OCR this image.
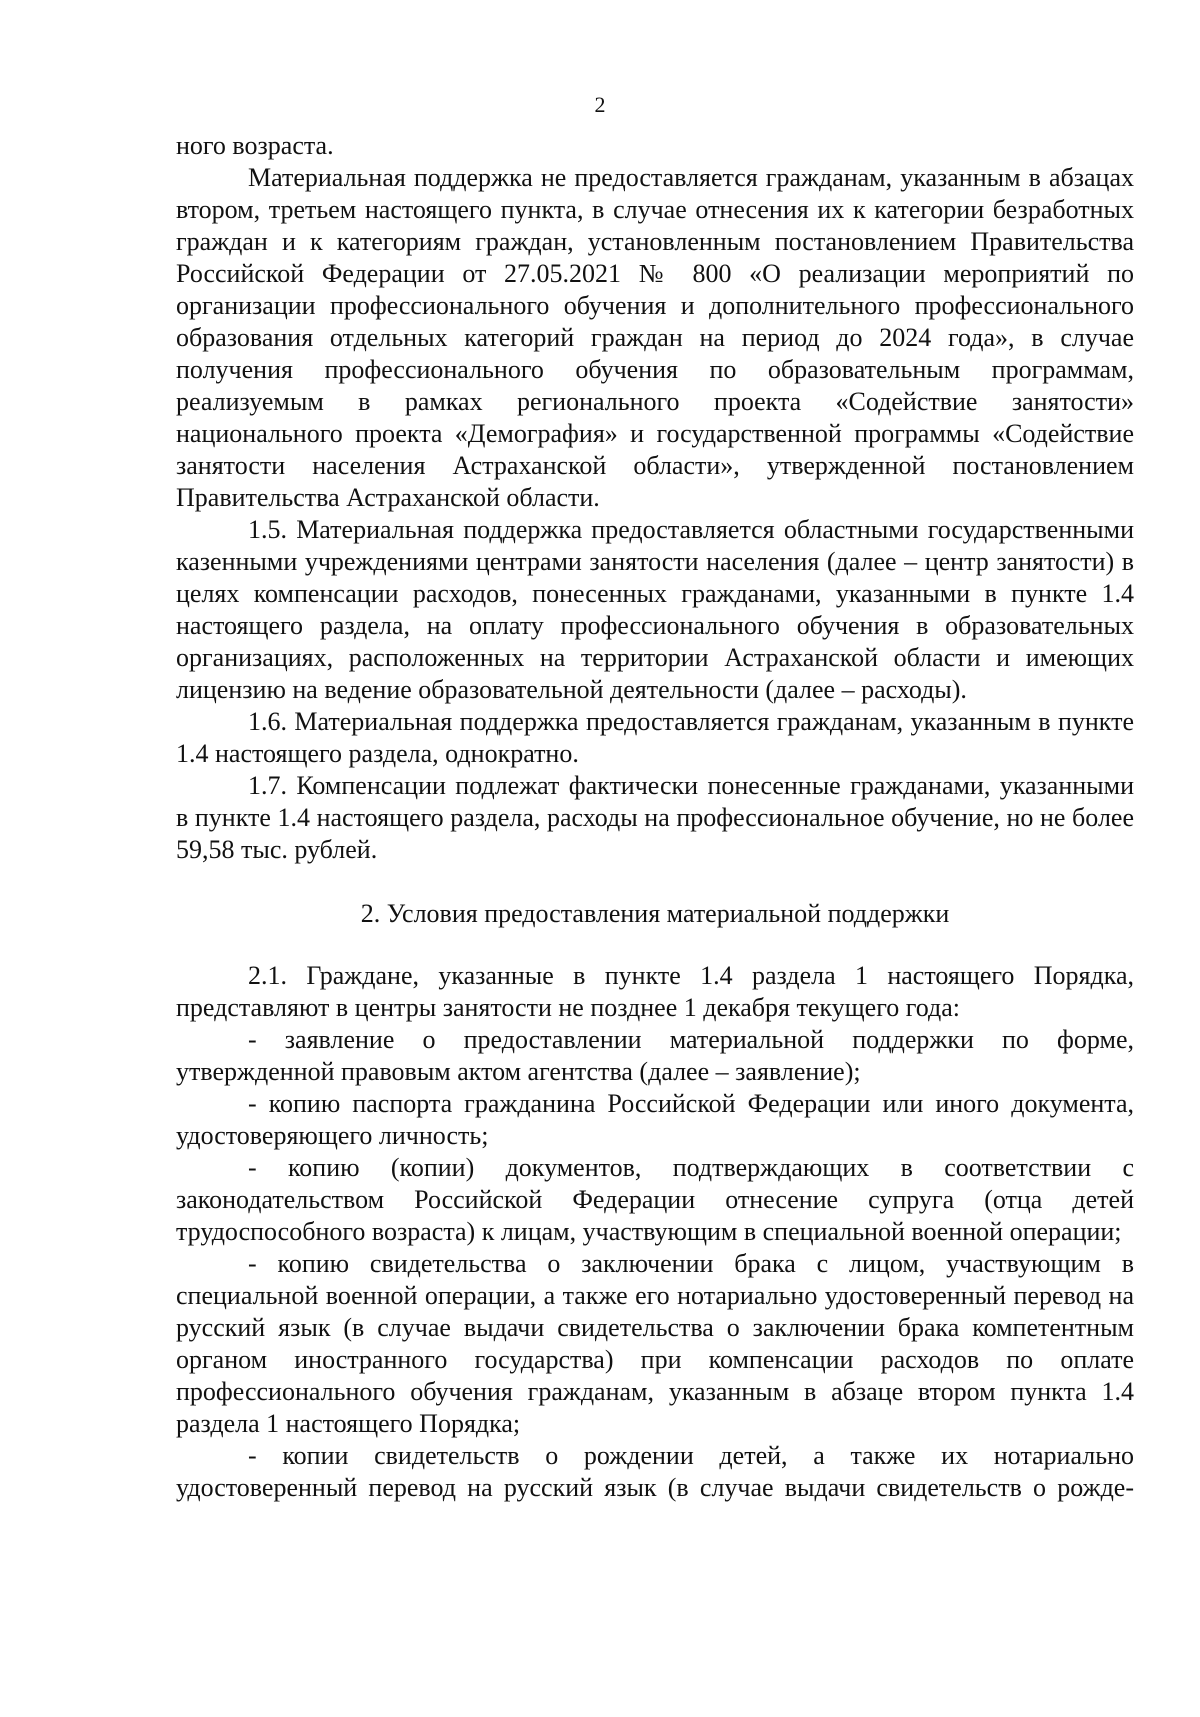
2

ного возраста.

Материальная поддержка не предоставляется гражданам, указанным в абзацах втором, третьем настоящего пункта, в случае отнесения их к категории безработных граждан и к категориям граждан, установленным постановлением Правительства Российской Федерации от 27.05.2021 № 800 «О реализации мероприятий по организации профессионального обучения и дополнительного профессионального образования отдельных категорий граждан на период до 2024 года», в случае получения профессионального обучения по образовательным программам, реализуемым в рамках регионального проекта «Содействие занятости» национального проекта «Демография» и государственной программы «Содействие занятости населения Астраханской области», утвержденной постановлением Правительства Астраханской области.

1.5. Материальная поддержка предоставляется областными государственными казенными учреждениями центрами занятости населения (далее – центр занятости) в целях компенсации расходов, понесенных гражданами, указанными в пункте 1.4 настоящего раздела, на оплату профессионального обучения в образовательных организациях, расположенных на территории Астраханской области и имеющих лицензию на ведение образовательной деятельности (далее – расходы).

1.6. Материальная поддержка предоставляется гражданам, указанным в пункте 1.4 настоящего раздела, однократно.

1.7. Компенсации подлежат фактически понесенные гражданами, указанными в пункте 1.4 настоящего раздела, расходы на профессиональное обучение, но не более 59,58 тыс. рублей.

2. Условия предоставления материальной поддержки

2.1. Граждане, указанные в пункте 1.4 раздела 1 настоящего Порядка, представляют в центры занятости не позднее 1 декабря текущего года:

- заявление о предоставлении материальной поддержки по форме, утвержденной правовым актом агентства (далее – заявление);

- копию паспорта гражданина Российской Федерации или иного документа, удостоверяющего личность;

- копию (копии) документов, подтверждающих в соответствии с законодательством Российской Федерации отнесение супруга (отца детей трудоспособного возраста) к лицам, участвующим в специальной военной операции;

- копию свидетельства о заключении брака с лицом, участвующим в специальной военной операции, а также его нотариально удостоверенный перевод на русский язык (в случае выдачи свидетельства о заключении брака компетентным органом иностранного государства) при компенсации расходов по оплате профессионального обучения гражданам, указанным в абзаце втором пункта 1.4 раздела 1 настоящего Порядка;

- копии свидетельств о рождении детей, а также их нотариально удостоверенный перевод на русский язык (в случае выдачи свидетельств о рожде-
